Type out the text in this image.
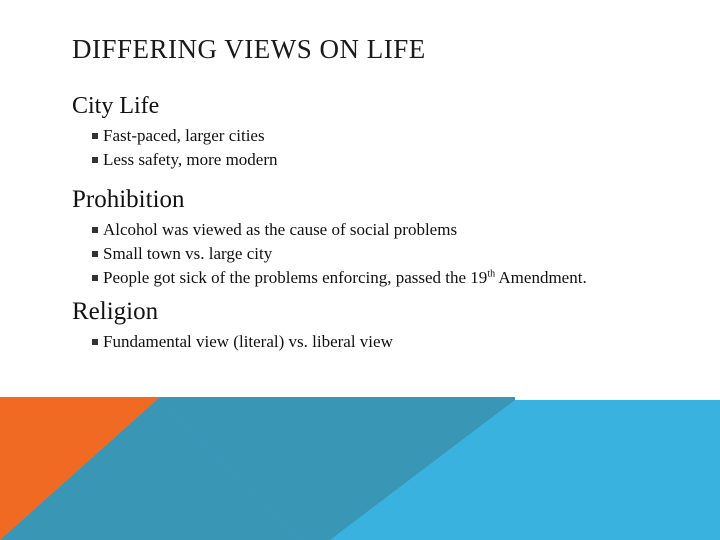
DIFFERING VIEWS ON LIFE
City Life
Fast-paced, larger cities
Less safety, more modern
Prohibition
Alcohol was viewed as the cause of social problems
Small town vs. large city
People got sick of the problems enforcing, passed the 19th Amendment.
Religion
Fundamental view (literal) vs. liberal view
